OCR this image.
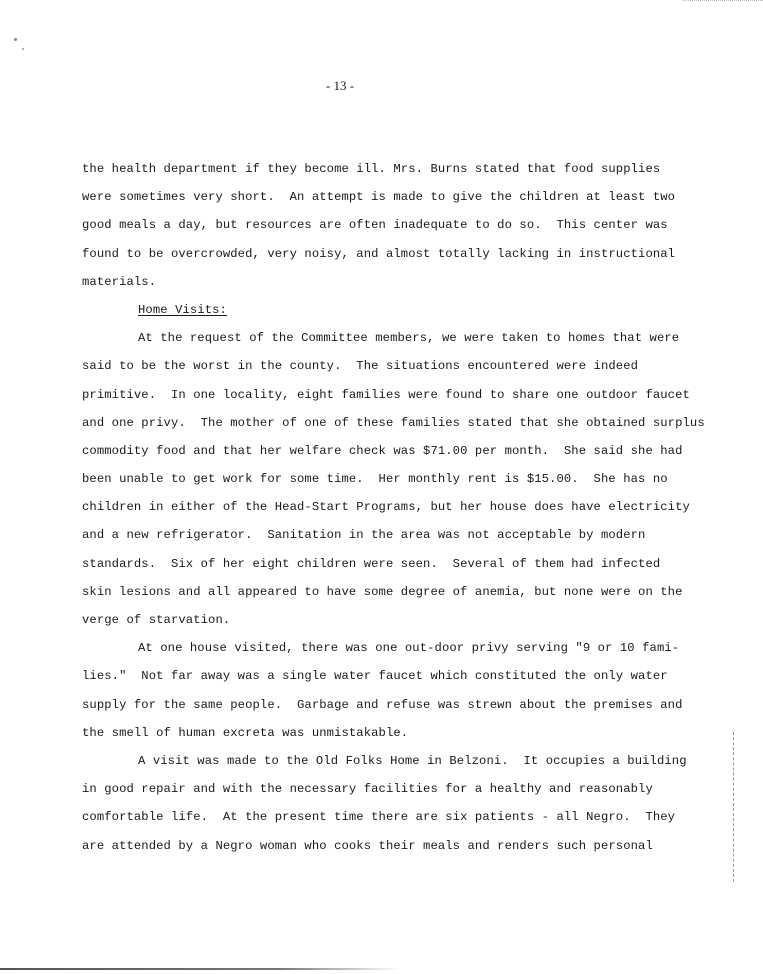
- 13 -
the health department if they become ill. Mrs. Burns stated that food supplies
were sometimes very short.  An attempt is made to give the children at least two
good meals a day, but resources are often inadequate to do so.  This center was
found to be overcrowded, very noisy, and almost totally lacking in instructional
materials.
Home Visits:
At the request of the Committee members, we were taken to homes that were
said to be the worst in the county.  The situations encountered were indeed
primitive.  In one locality, eight families were found to share one outdoor faucet
and one privy.  The mother of one of these families stated that she obtained surplus
commodity food and that her welfare check was $71.00 per month.  She said she had
been unable to get work for some time.  Her monthly rent is $15.00.  She has no
children in either of the Head-Start Programs, but her house does have electricity
and a new refrigerator.  Sanitation in the area was not acceptable by modern
standards.  Six of her eight children were seen.  Several of them had infected
skin lesions and all appeared to have some degree of anemia, but none were on the
verge of starvation.
At one house visited, there was one out-door privy serving "9 or 10 fami-
lies."  Not far away was a single water faucet which constituted the only water
supply for the same people.  Garbage and refuse was strewn about the premises and
the smell of human excreta was unmistakable.
A visit was made to the Old Folks Home in Belzoni.  It occupies a building
in good repair and with the necessary facilities for a healthy and reasonably
comfortable life.  At the present time there are six patients - all Negro.  They
are attended by a Negro woman who cooks their meals and renders such personal
